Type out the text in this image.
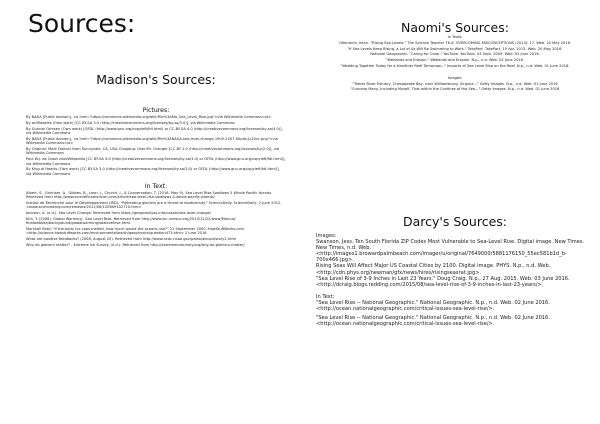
Sources:
Madison's Sources:
Pictures:

By NASA [Public domain], <a href="https://commons.wikimedia.org/wiki/File%3AMa_Sea_Level_Rise.jpg">via Wikimedia Commons</a>

By oc5Beatles (Own work) [CC BY-SA 3.0 (http://creativecommons.org/licenses/by-sa/3.0)], via Wikimedia Commons

By Gunnar Ormsen (Own work) [GFDL (http://www.gnu.org/copyleft/fdl.html) or CC-BY-SA-4.0 (http://creativecommons.org/licenses/by-sa/4.0)], via Wikimedia Commons

By NASA [Public domain], <a href="https://commons.wikimedia.org/wiki/File%3ANASA-sea-level-change-1900-2007-Stipes-Jc20cc.png">via Wikimedia Commons</a>

By Original: Mark Dollner from Sunnyvale, CA, USA Cropping: User:Mr. Granger [CC BY 2.0 (http://creativecommons.org/licenses/by/2.0)], via Wikimedia Commons

Paul W.J. de Groot ziroliWikipedia [CC BY-SA 3.0 (http://creativecommons.org/licenses/by-sa/3.0) or GFDL (http://www.gnu.org/copyleft/fdl.html)], via Wikimedia Commons

By King of Hearts (Own work) [CC BY-SA 3.0 (http://creativecommons.org/licenses/by-sa/3.0) or GFDL (http://www.gnu.org/copyleft/fdl.html)], via Wikimedia Commons

In Text:

Albert, S., Grinham, A., Gibbes, B., Leon, J., Church, J., & Conversation, T. (2016, May 9). Sea Level Rise Swallows 5 Whole Pacific Islands. Retrieved from http://www.scientificamerican.com/article/sea-level-rise-swallows-5-whole-pacific-islands/

Institut de Recherche pour le Développement (IRD). "Retreating glaciers are a threat to biodiversity." ScienceDaily. ScienceDaily, 2 June 2012. <www.sciencedaily.com/releases/2012/06/120609102710.htm>.

Jackson, A. (n.d.). Sea Level Change. Retrieved from https://geographyas.info/coasts/sea-level-change/

Kim, Y. (2008). Global Warming - Sea Level Rise. Retrieved from http://www.ioc-unesco.org/2013/12/22/www/Marcus/ finalwebsite/background/globalwarming/sealevelrise.html.

Marshall Brain "If the polar ice caps melted, how much would the oceans rise?" 21 September 2000. HowStuffWorks.com. <http://science.howstuffworks.com/environmental/earth/geophysics/question473.htm> 2 June 2016

What are positive feedbacks? (2008, August 20). Retrieved from http://www.ncdc.noaa.gov/paleo/abrupt/story2.html

Why do glaciers matter? - Extreme Ice Survey. (n.d.). Retrieved from http://extremeicesurvey.org/why-do-glaciers-matter/

Naomi's Sources:

In Texts:

Oberrecht, Kenn. "Rising Sea Levels." The Science Teacher 76.4: OVERCOMING MISCONCEPTIONS (2013): 17. Web. 20 May 2016.

"If Sea Levels Keep Rising, a Lot of Us Will Be Swimming to Work." TakePart. TakePart, 19 Apr. 2013. Web. 20 May 2016.

National Geographic. "Caring for Coral." YouTube. YouTube, 04 Sept. 2009. Web. 02 June 2016.

"Wetlands and Erosion." Wetlands and Erosion. N.p., n.d. Web. 02 June 2016.

"Wedding Together Today for a Healthier Reef Tomorrow..." Impacts of Sea Level Rise on the Reef. N.p., n.d. Web. 01 June 2016.

Images:

"Tames River Estuary, Chesapeake Bay, near Williamsburg, Virginia..." Getty Images. N.p., n.d. Web. 01 June 2016

"Surprise Many, Including Myself, That within the Confines of the Sea..." Getty Images. N.p., n.d. Web. 01 June 2016

Darcy's Sources:
Images:

Swanson, Jess. Ten South Florida ZIP Codes Most Vulnerable to Sea-Level Rise. Digital image. New Times. New Times, n.d. Web. <http://images1.browardpalmbeach.com/imager/u/original/7649000/5881176150_55ec581b1d_b-700x466.jpg>.

Rising Seas Will Affect Major US Coastal Cities by 2100. Digital image. PHYS. N.p., n.d. Web. <http://cdn.phys.org/newman/gfx/news/hires/risingseasrat.jpg>.

"Sea Level Rise of 3-9 Inches in Last 23 Years." Doug Craig. N.p., 27 Aug. 2015. Web. 03 June 2016. <http://dcraig.blogs.redding.com/2015/08/sea-level-rise-of-3-9-inches-in-last-23-years/>.

In Text:

"Sea Level Rise -- National Geographic." National Geographic. N.p., n.d. Web. 02 June 2016. <http://ocean.nationalgeographic.com/critical-issues-sea-level-rise/>.

"Sea Level Rise -- National Geographic." National Geographic. N.p., n.d. Web. 02 June 2016. <http://ocean.nationalgeographic.com/critical-issues-sea-level-rise/>.
